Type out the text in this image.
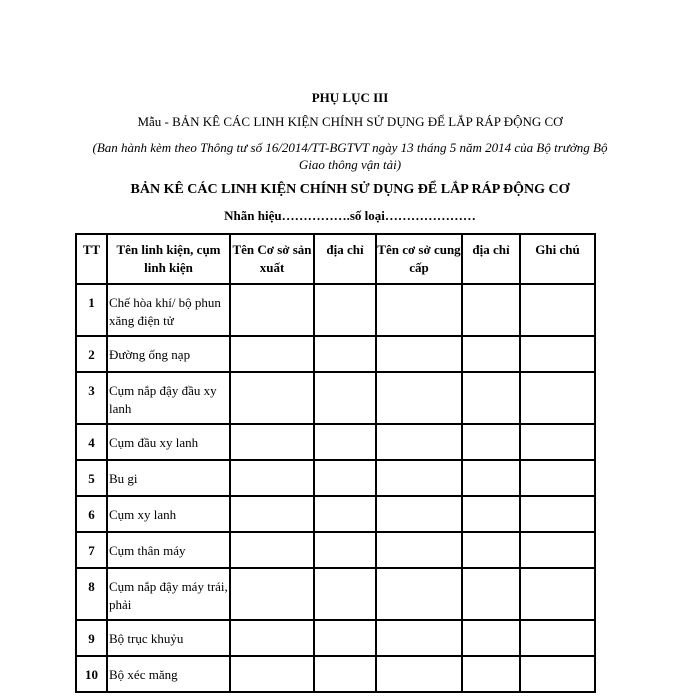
PHỤ LỤC III
Mẫu - BẢN KÊ CÁC LINH KIỆN CHÍNH SỬ DỤNG ĐỂ LẮP RÁP ĐỘNG CƠ
(Ban hành kèm theo Thông tư số 16/2014/TT-BGTVT ngày 13 tháng 5 năm 2014 của Bộ trưởng Bộ Giao thông vận tải)
BẢN KÊ CÁC LINH KIỆN CHÍNH SỬ DỤNG ĐỂ LẮP RÁP ĐỘNG CƠ
Nhãn hiệu…………….số loại…………………
TT	Tên linh kiện, cụm linh kiện	Tên Cơ sở sản xuất	địa chỉ	Tên cơ sở cung cấp	địa chỉ	Ghi chú
1	Chế hòa khí/ bộ phun xăng điện tử					
2	Đường ống nạp					
3	Cụm nắp đậy đầu xy lanh					
4	Cụm đầu xy lanh					
5	Bu gi					
6	Cụm xy lanh					
7	Cụm thân máy					
8	Cụm nắp đậy máy trái, phải					
9	Bộ trục khuỷu					
10	Bộ xéc măng					
